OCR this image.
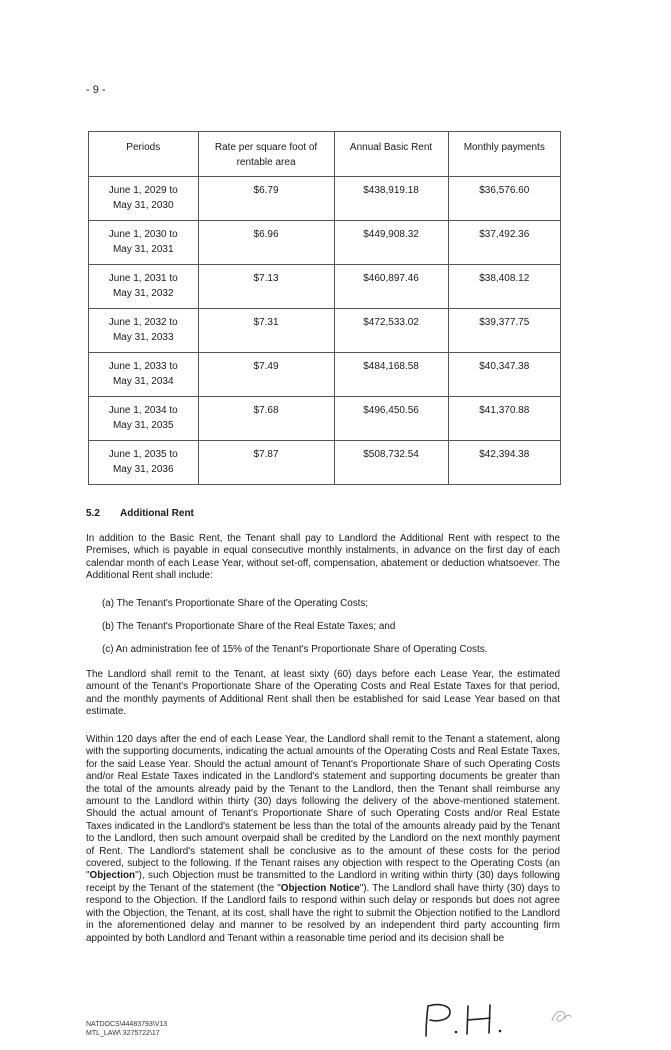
- 9 -
Periods	Rate per square foot of rentable area	Annual Basic Rent	Monthly payments
June 1, 2029 to
May 31, 2030	$6.79	$438,919.18	$36,576.60
June 1, 2030 to
May 31, 2031	$6.96	$449,908.32	$37,492.36
June 1, 2031 to
May 31, 2032	$7.13	$460,897.46	$38,408.12
June 1, 2032 to
May 31, 2033	$7.31	$472,533.02	$39,377.75
June 1, 2033 to
May 31, 2034	$7.49	$484,168.58	$40,347.38
June 1, 2034 to
May 31, 2035	$7.68	$496,450.56	$41,370.88
June 1, 2035 to
May 31, 2036	$7.87	$508,732.54	$42,394.38
5.2 Additional Rent

In addition to the Basic Rent, the Tenant shall pay to Landlord the Additional Rent with respect to the Premises, which is payable in equal consecutive monthly instalments, in advance on the first day of each calendar month of each Lease Year, without set-off, compensation, abatement or deduction whatsoever. The Additional Rent shall include:

(a) The Tenant's Proportionate Share of the Operating Costs;
(b) The Tenant's Proportionate Share of the Real Estate Taxes; and
(c) An administration fee of 15% of the Tenant's Proportionate Share of Operating Costs.

The Landlord shall remit to the Tenant, at least sixty (60) days before each Lease Year, the estimated amount of the Tenant's Proportionate Share of the Operating Costs and Real Estate Taxes for that period, and the monthly payments of Additional Rent shall then be established for said Lease Year based on that estimate.

Within 120 days after the end of each Lease Year, the Landlord shall remit to the Tenant a statement, along with the supporting documents, indicating the actual amounts of the Operating Costs and Real Estate Taxes, for the said Lease Year. Should the actual amount of Tenant's Proportionate Share of such Operating Costs and/or Real Estate Taxes indicated in the Landlord's statement and supporting documents be greater than the total of the amounts already paid by the Tenant to the Landlord, then the Tenant shall reimburse any amount to the Landlord within thirty (30) days following the delivery of the above-mentioned statement. Should the actual amount of Tenant's Proportionate Share of such Operating Costs and/or Real Estate Taxes indicated in the Landlord's statement be less than the total of the amounts already paid by the Tenant to the Landlord, then such amount overpaid shall be credited by the Landlord on the next monthly payment of Rent. The Landlord's statement shall be conclusive as to the amount of these costs for the period covered, subject to the following. If the Tenant raises any objection with respect to the Operating Costs (an "Objection"), such Objection must be transmitted to the Landlord in writing within thirty (30) days following receipt by the Tenant of the statement (the "Objection Notice"). The Landlord shall have thirty (30) days to respond to the Objection. If the Landlord fails to respond within such delay or responds but does not agree with the Objection, the Tenant, at its cost, shall have the right to submit the Objection notified to the Landlord in the aforementioned delay and manner to be resolved by an independent third party accounting firm appointed by both Landlord and Tenant within a reasonable time period and its decision shall be

NATDOCS\44483793\V13
MTL_LAW\ 3275722\17
